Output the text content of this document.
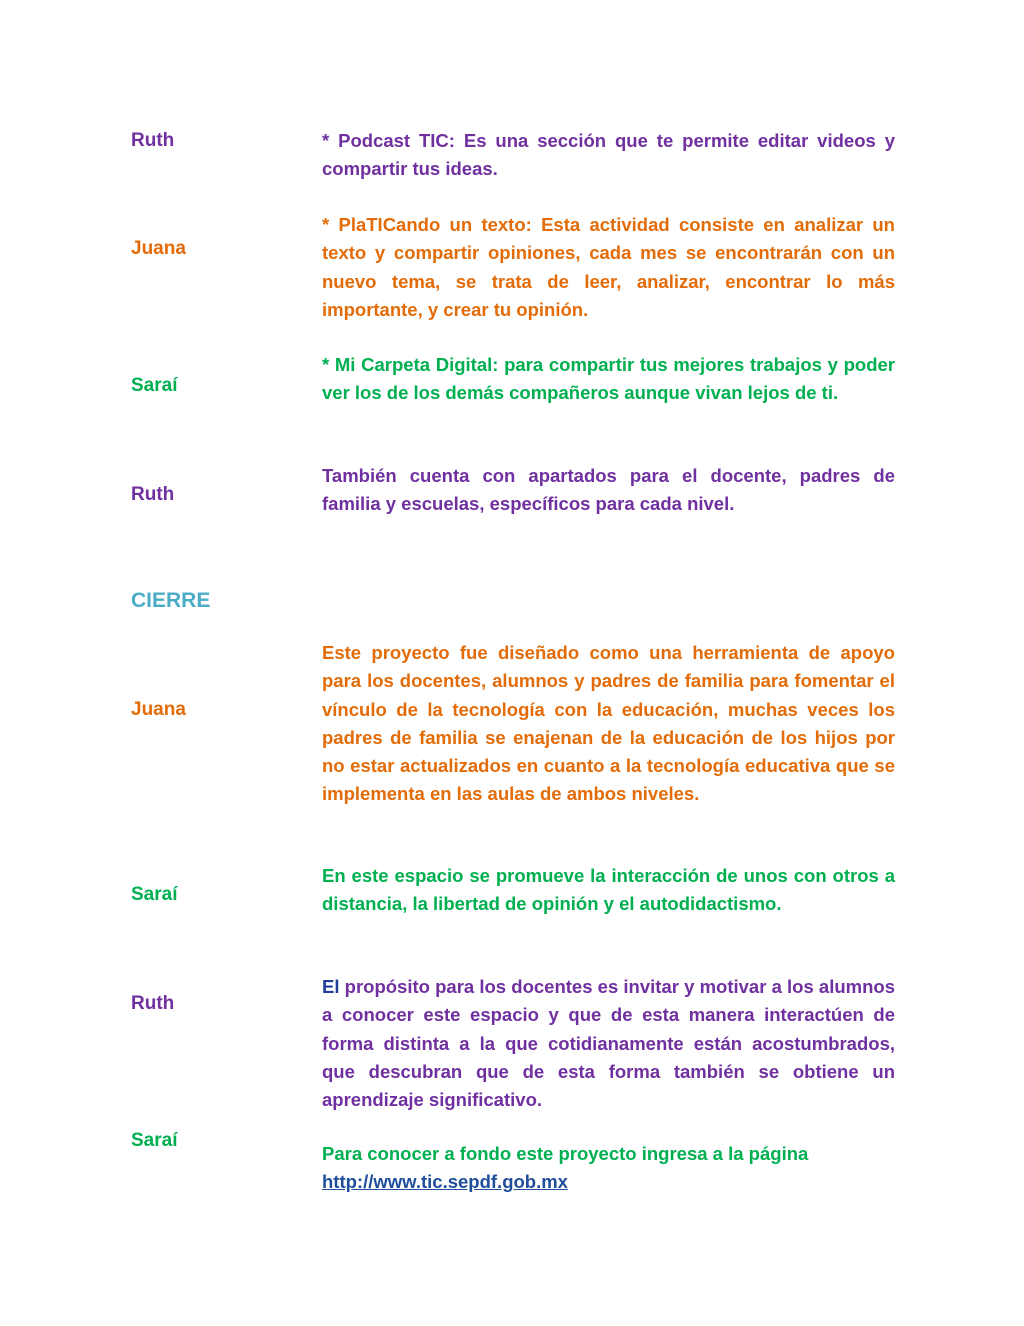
Ruth	* Podcast TIC: Es una sección que te permite editar videos y compartir tus ideas.

Juana

* PlaTICando un texto: Esta actividad consiste en analizar un texto y compartir opiniones, cada mes se encontrarán con un nuevo tema, se trata de leer, analizar, encontrar lo más importante, y crear tu opinión.

Saraí

* Mi Carpeta Digital: para compartir tus mejores trabajos y poder ver los de los demás compañeros aunque vivan lejos de ti.

Ruth

También cuenta con apartados para el docente, padres de familia y escuelas, específicos para cada nivel.

CIERRE
Juana

Este proyecto fue diseñado como una herramienta de apoyo para los docentes, alumnos y padres de familia para fomentar el vínculo de la tecnología con la educación, muchas veces los padres de familia se enajenan de la educación de los hijos por no estar actualizados en cuanto a la tecnología educativa que se implementa en las aulas de ambos niveles.

Saraí

En este espacio se promueve la interacción de unos con otros a distancia, la libertad de opinión y el autodidactismo.

Ruth

El propósito para los docentes es invitar y motivar a los alumnos a conocer este espacio y que de esta manera interactúen de forma distinta a la que cotidianamente están acostumbrados, que descubran que de esta forma también se obtiene un aprendizaje significativo.

Saraí

Para conocer a fondo este proyecto ingresa a la página
http://www.tic.sepdf.gob.mx
